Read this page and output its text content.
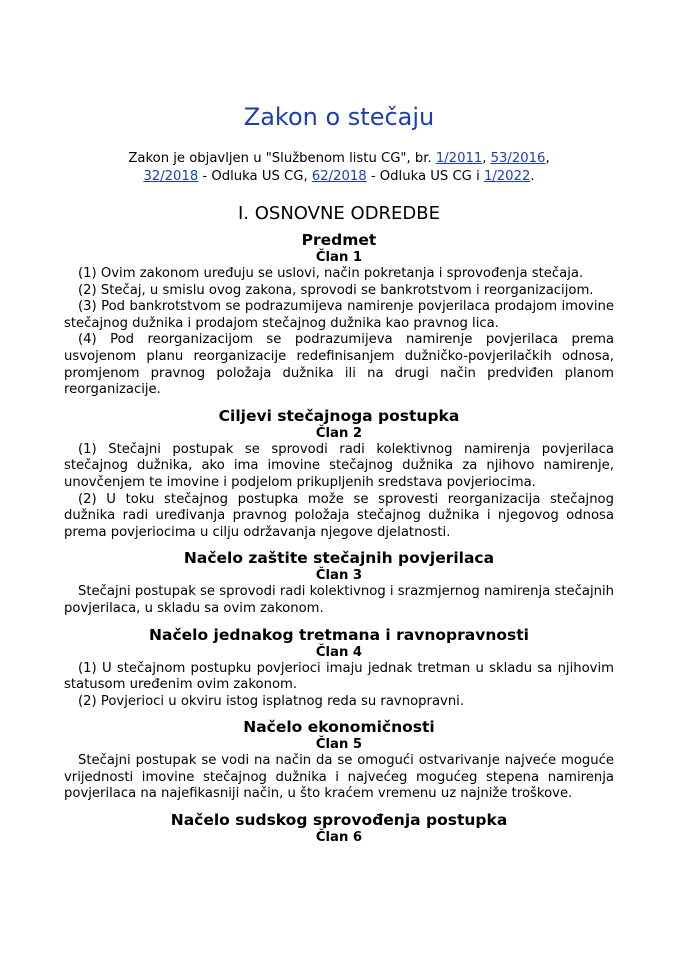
Zakon o stečaju
Zakon je objavljen u "Službenom listu CG", br. 1/2011, 53/2016,
32/2018 - Odluka US CG, 62/2018 - Odluka US CG i 1/2022.
I. OSNOVNE ODREDBE
Predmet
Član 1

(1) Ovim zakonom uređuju se uslovi, način pokretanja i sprovođenja stečaja.

(2) Stečaj, u smislu ovog zakona, sprovodi se bankrotstvom i reorganizacijom.

(3) Pod bankrotstvom se podrazumijeva namirenje povjerilaca prodajom imovine stečajnog dužnika i prodajom stečajnog dužnika kao pravnog lica.

(4) Pod reorganizacijom se podrazumijeva namirenje povjerilaca prema usvojenom planu reorganizacije redefinisanjem dužničko-povjerilačkih odnosa, promjenom pravnog položaja dužnika ili na drugi način predviđen planom reorganizacije.

Ciljevi stečajnoga postupka
Član 2

(1) Stečajni postupak se sprovodi radi kolektivnog namirenja povjerilaca stečajnog dužnika, ako ima imovine stečajnog dužnika za njihovo namirenje, unovčenjem te imovine i podjelom prikupljenih sredstava povjeriocima.

(2) U toku stečajnog postupka može se sprovesti reorganizacija stečajnog dužnika radi uređivanja pravnog položaja stečajnog dužnika i njegovog odnosa prema povjeriocima u cilju održavanja njegove djelatnosti.

Načelo zaštite stečajnih povjerilaca
Član 3

Stečajni postupak se sprovodi radi kolektivnog i srazmjernog namirenja stečajnih povjerilaca, u skladu sa ovim zakonom.

Načelo jednakog tretmana i ravnopravnosti
Član 4

(1) U stečajnom postupku povjerioci imaju jednak tretman u skladu sa njihovim statusom uređenim ovim zakonom.

(2) Povjerioci u okviru istog isplatnog reda su ravnopravni.

Načelo ekonomičnosti
Član 5

Stečajni postupak se vodi na način da se omogući ostvarivanje najveće moguće vrijednosti imovine stečajnog dužnika i najvećeg mogućeg stepena namirenja povjerilaca na najefikasniji način, u što kraćem vremenu uz najniže troškove.

Načelo sudskog sprovođenja postupka
Član 6
